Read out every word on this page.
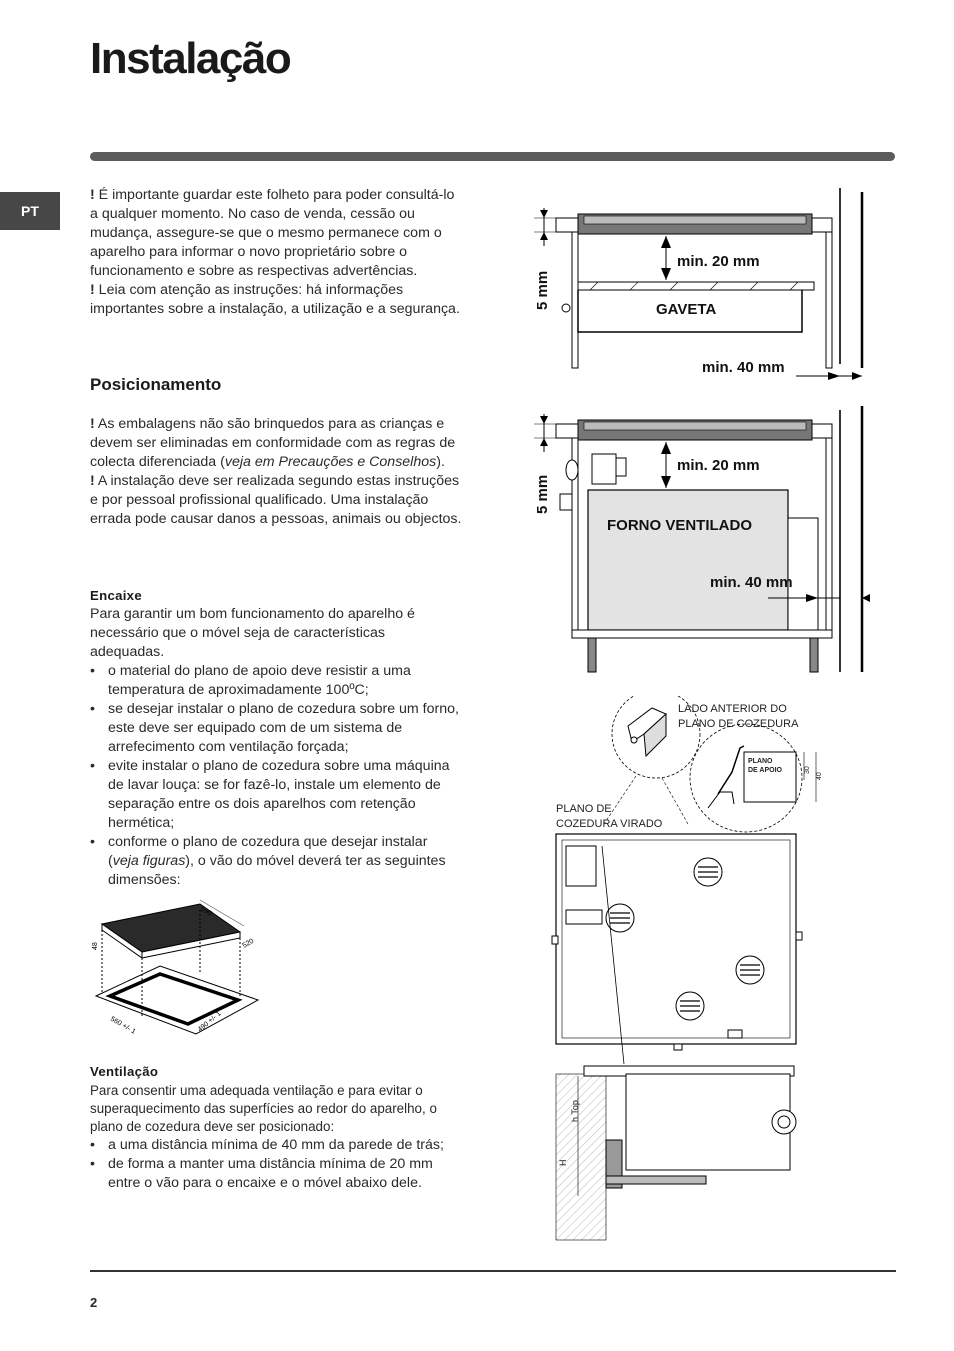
Instalação
PT

! É importante guardar este folheto para poder consultá-lo a qualquer momento. No caso de venda, cessão ou mudança, assegure-se que o mesmo permanece com o aparelho para informar o novo proprietário sobre o funcionamento e sobre as respectivas advertências.

! Leia com atenção as instruções: há informações importantes sobre a instalação, a utilização e a segurança.

Posicionamento

! As embalagens não são brinquedos para as crianças e devem ser eliminadas em conformidade com as regras de colecta diferenciada (veja em Precauções e Conselhos).

! A instalação deve ser realizada segundo estas instruções e por pessoal profissional qualificado. Uma instalação errada pode causar danos a pessoas, animais ou objectos.

Encaixe

Para garantir um bom funcionamento do aparelho é necessário que o móvel seja de características adequadas.

• o material do plano de apoio deve resistir a uma temperatura de aproximadamente 100ºC;
• se desejar instalar o plano de cozedura sobre um forno, este deve ser equipado com de um sistema de arrefecimento com ventilação forçada;
• evite instalar o plano de cozedura sobre uma máquina de lavar louça: se for fazê-lo, instale um elemento de separação entre os dois aparelhos com retenção hermética;
• conforme o plano de cozedura que desejar instalar (veja figuras), o vão do móvel deverá ter as seguintes dimensões:
590
520
48
560 +/- 1	490 +/- 1

Ventilação

Para consentir uma adequada ventilação e para evitar o superaquecimento das superfícies ao redor do aparelho, o plano de cozedura deve ser posicionado:

• a uma distância mínima de 40 mm da parede de trás;
• de forma a manter uma distância mínima de 20 mm entre o vão para o encaixe e o móvel abaixo dele.
min. 20 mm
GAVETA
5 mm
min. 40 mm
min. 20 mm
FORNO VENTILADO
5 mm
min. 40 mm
LADO ANTERIOR DO
PLANO DE COZEDURA
PLANO
DE APOIO	30
40
PLANO DE
COZEDURA VIRADO
h Top
H
2
